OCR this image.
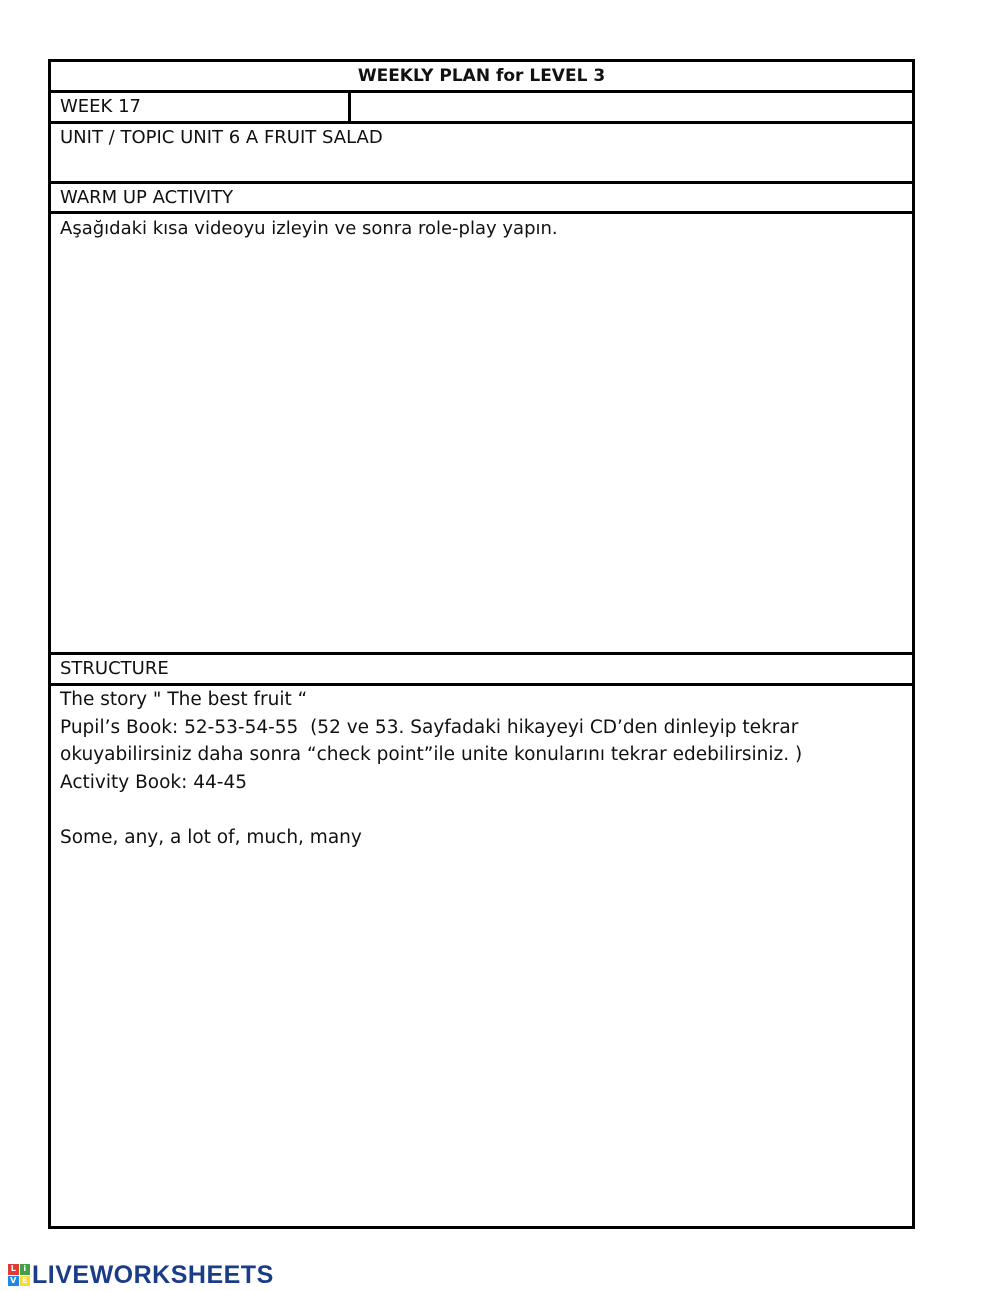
WEEKLY PLAN for LEVEL 3
WEEK 17
UNIT / TOPIC UNIT 6 A FRUIT SALAD
WARM UP ACTIVITY
Aşağıdaki kısa videoyu izleyin ve sonra role-play yapın.
STRUCTURE
The story " The best fruit “
Pupil’s Book: 52-53-54-55  (52 ve 53. Sayfadaki hikayeyi CD’den dinleyip tekrar
okuyabilirsiniz daha sonra “check point”ile unite konularını tekrar edebilirsiniz. )
Activity Book: 44-45
Some, any, a lot of, much, many
L i
V E LIVEWORKSHEETS
